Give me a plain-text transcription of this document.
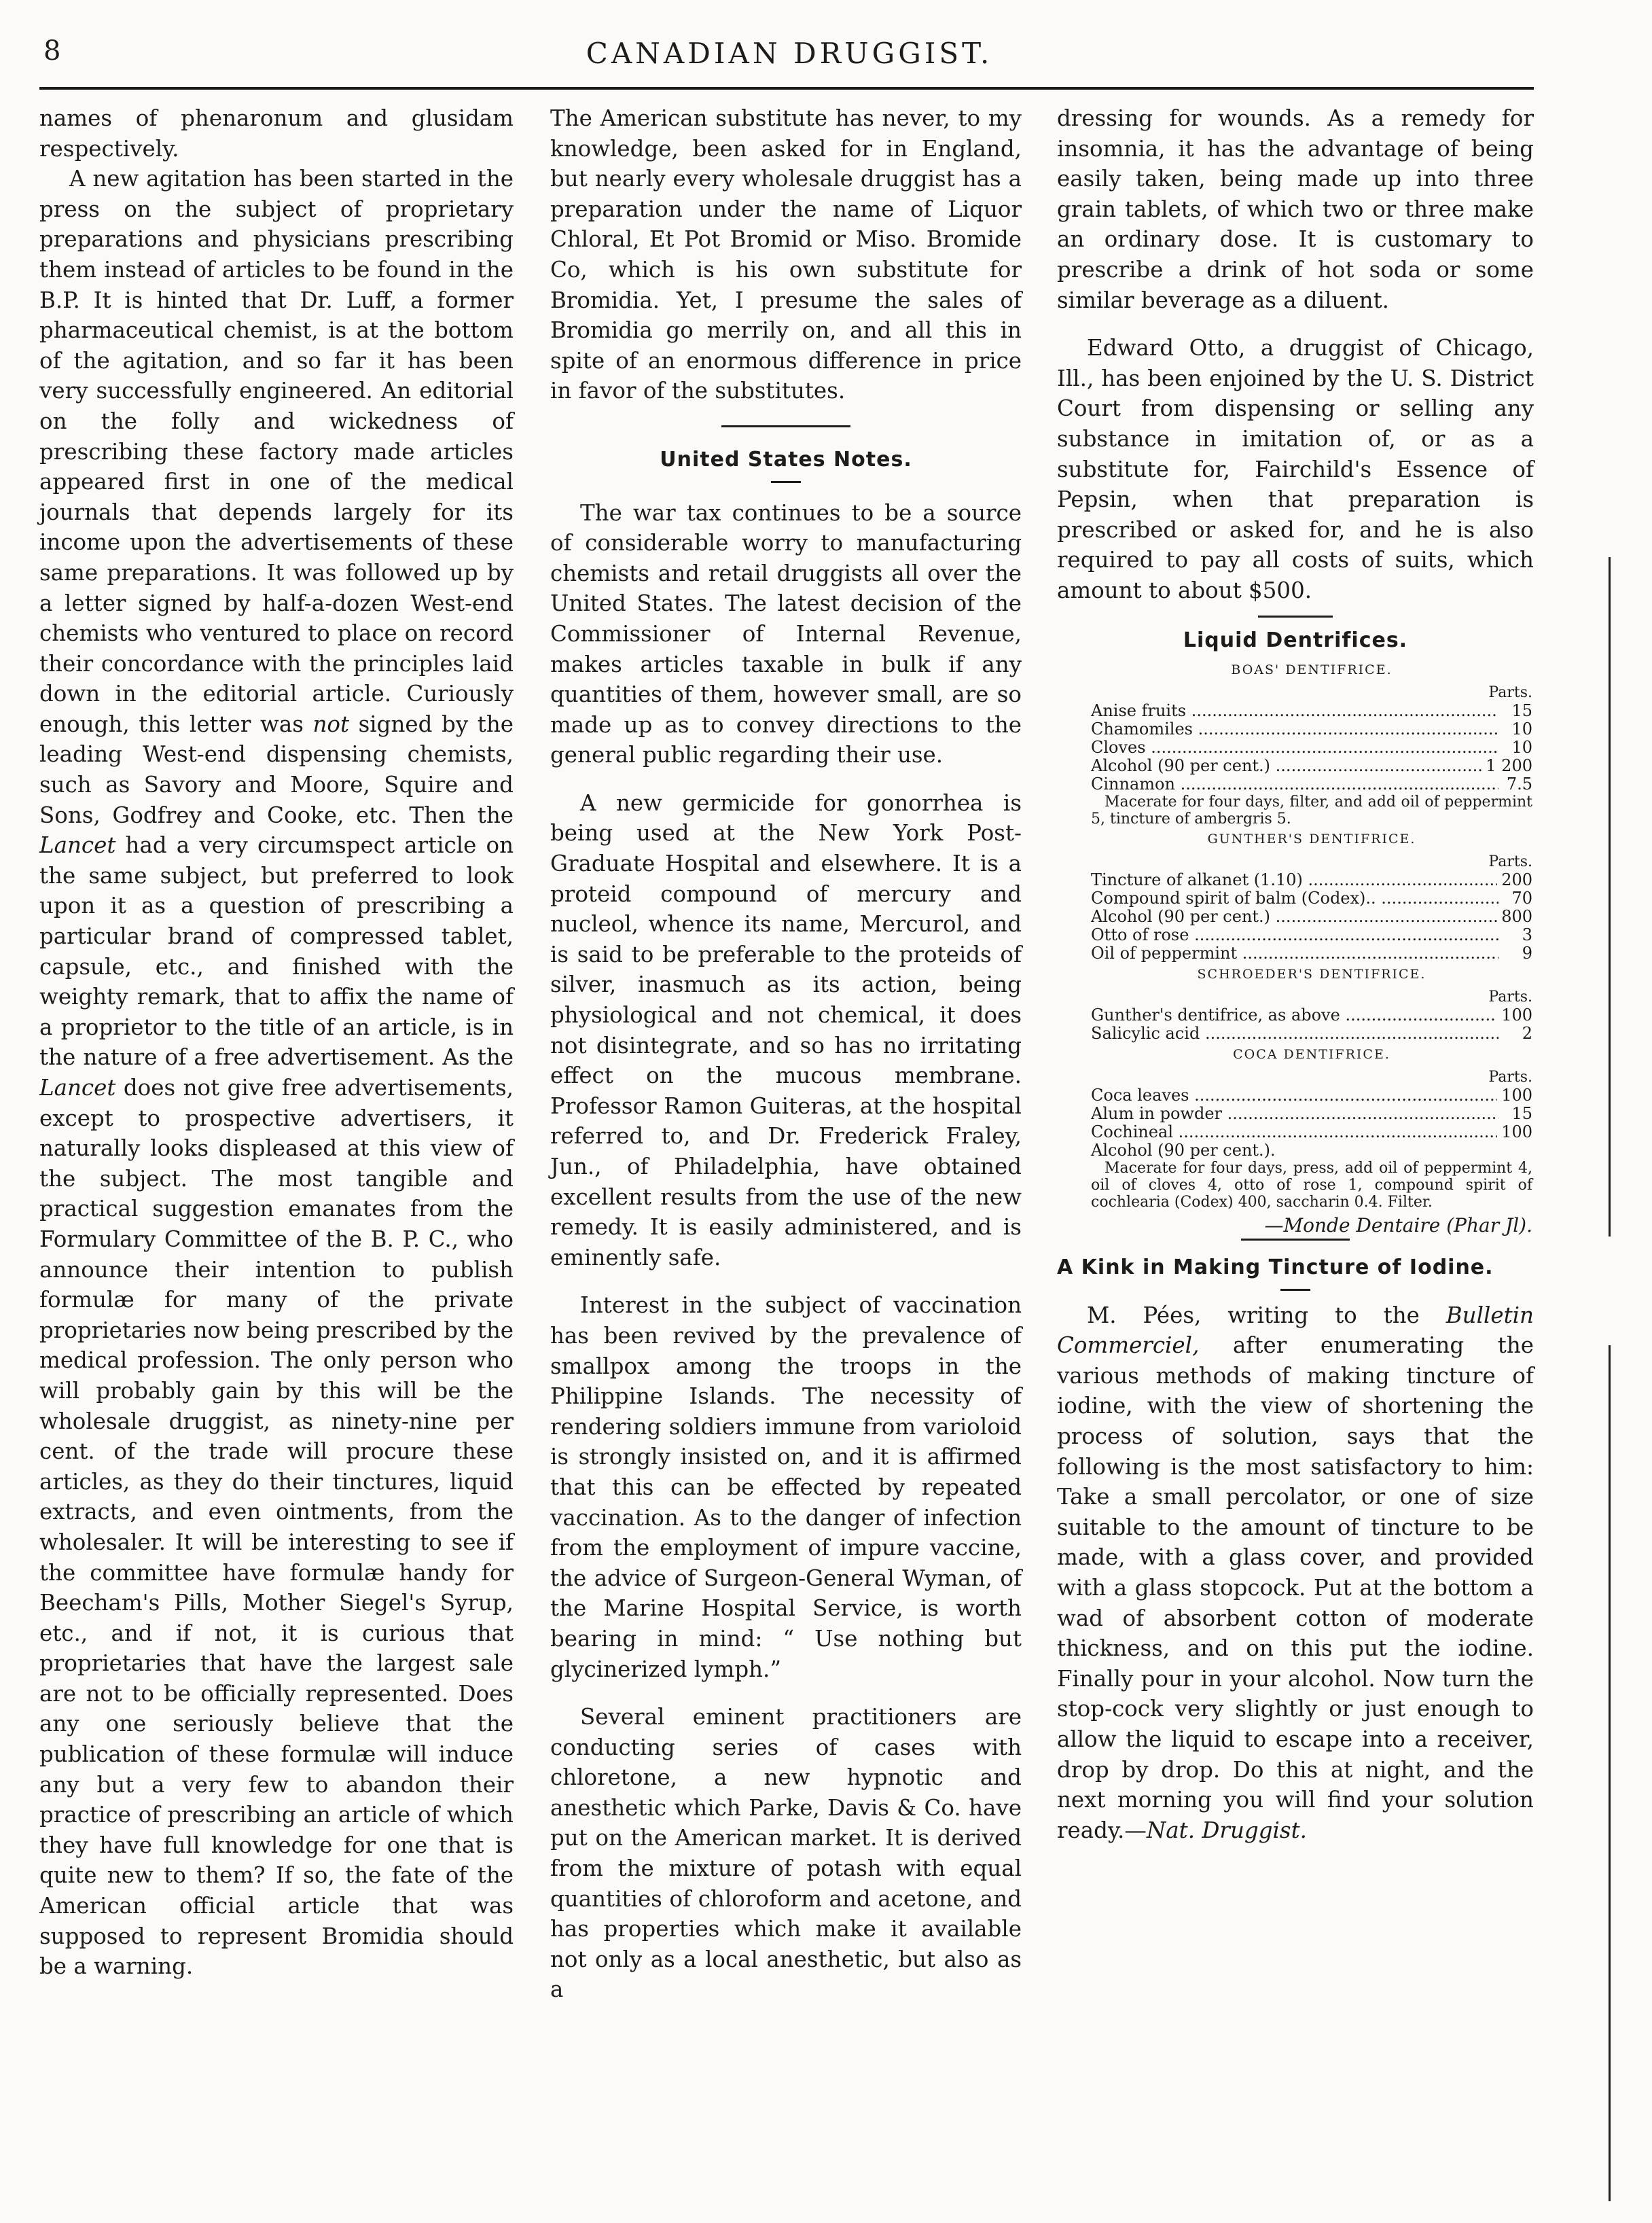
8	CANADIAN DRUGGIST.

names of phenaronum and glusidam respectively.

A new agitation has been started in the press on the subject of proprietary preparations and physicians prescribing them instead of articles to be found in the B.P. It is hinted that Dr. Luff, a former pharmaceutical chemist, is at the bottom of the agitation, and so far it has been very successfully engineered. An editorial on the folly and wickedness of prescribing these factory made articles appeared first in one of the medical journals that depends largely for its income upon the advertisements of these same preparations. It was followed up by a letter signed by half-a-dozen West-end chemists who ventured to place on record their concordance with the principles laid down in the editorial article. Curiously enough, this letter was not signed by the leading West-end dispensing chemists, such as Savory and Moore, Squire and Sons, Godfrey and Cooke, etc. Then the Lancet had a very circumspect article on the same subject, but preferred to look upon it as a question of prescribing a particular brand of compressed tablet, capsule, etc., and finished with the weighty remark, that to affix the name of a proprietor to the title of an article, is in the nature of a free advertisement. As the Lancet does not give free advertisements, except to prospective advertisers, it naturally looks displeased at this view of the subject. The most tangible and practical suggestion emanates from the Formulary Committee of the B. P. C., who announce their intention to publish formulæ for many of the private proprietaries now being prescribed by the medical profession. The only person who will probably gain by this will be the wholesale druggist, as ninety-nine per cent. of the trade will procure these articles, as they do their tinctures, liquid extracts, and even ointments, from the wholesaler. It will be interesting to see if the committee have formulæ handy for Beecham's Pills, Mother Siegel's Syrup, etc., and if not, it is curious that proprietaries that have the largest sale are not to be officially represented. Does any one seriously believe that the publication of these formulæ will induce any but a very few to abandon their practice of prescribing an article of which they have full knowledge for one that is quite new to them? If so, the fate of the American official article that was supposed to represent Bromidia should be a warning.

The American substitute has never, to my knowledge, been asked for in England, but nearly every wholesale druggist has a preparation under the name of Liquor Chloral, Et Pot Bromid or Miso. Bromide Co, which is his own substitute for Bromidia. Yet, I presume the sales of Bromidia go merrily on, and all this in spite of an enormous difference in price in favor of the substitutes.

United States Notes.

The war tax continues to be a source of considerable worry to manufacturing chemists and retail druggists all over the United States. The latest decision of the Commissioner of Internal Revenue, makes articles taxable in bulk if any quantities of them, however small, are so made up as to convey directions to the general public regarding their use.

A new germicide for gonorrhea is being used at the New York Post-Graduate Hospital and elsewhere. It is a proteid compound of mercury and nucleol, whence its name, Mercurol, and is said to be preferable to the proteids of silver, inasmuch as its action, being physiological and not chemical, it does not disintegrate, and so has no irritating effect on the mucous membrane. Professor Ramon Guiteras, at the hospital referred to, and Dr. Frederick Fraley, Jun., of Philadelphia, have obtained excellent results from the use of the new remedy. It is easily administered, and is eminently safe.

Interest in the subject of vaccination has been revived by the prevalence of smallpox among the troops in the Philippine Islands. The necessity of rendering soldiers immune from varioloid is strongly insisted on, and it is affirmed that this can be effected by repeated vaccination. As to the danger of infection from the employment of impure vaccine, the advice of Surgeon-General Wyman, of the Marine Hospital Service, is worth bearing in mind: “ Use nothing but glycinerized lymph.”

Several eminent practitioners are conducting series of cases with chloretone, a new hypnotic and anesthetic which Parke, Davis & Co. have put on the American market. It is derived from the mixture of potash with equal quantities of chloroform and acetone, and has properties which make it available not only as a local anesthetic, but also as a

dressing for wounds. As a remedy for insomnia, it has the advantage of being easily taken, being made up into three grain tablets, of which two or three make an ordinary dose. It is customary to prescribe a drink of hot soda or some similar beverage as a diluent.

Edward Otto, a druggist of Chicago, Ill., has been enjoined by the U. S. District Court from dispensing or selling any substance in imitation of, or as a substitute for, Fairchild's Essence of Pepsin, when that preparation is prescribed or asked for, and he is also required to pay all costs of suits, which amount to about $500.

Liquid Dentrifices.
BOAS' DENTIFRICE.
Parts.
Anise fruits .....	15
Chamomiles .....	10
Cloves .....	10
Alcohol (90 per cent.) .....	1 200
Cinnamon .....	7.5
Macerate for four days, filter, and add oil of peppermint 5, tincture of ambergris 5.
GUNTHER'S DENTIFRICE.
Parts.
Tincture of alkanet (1.10) .....	200
Compound spirit of balm (Codex).. .....	70
Alcohol (90 per cent.) .....	800
Otto of rose .....	3
Oil of peppermint .....	9
SCHROEDER'S DENTIFRICE.
Parts.
Gunther's dentifrice, as above .....	100
Salicylic acid .....	2
COCA DENTIFRICE.
Parts.
Coca leaves .....	100
Alum in powder .....	15
Cochineal .....	100
Alcohol (90 per cent.).
Macerate for four days, press, add oil of peppermint 4, oil of cloves 4, otto of rose 1, compound spirit of cochlearia (Codex) 400, saccharin 0.4. Filter.
—Monde Dentaire (Phar Jl).
A Kink in Making Tincture of Iodine.

M. Pées, writing to the Bulletin Commerciel, after enumerating the various methods of making tincture of iodine, with the view of shortening the process of solution, says that the following is the most satisfactory to him: Take a small percolator, or one of size suitable to the amount of tincture to be made, with a glass cover, and provided with a glass stopcock. Put at the bottom a wad of absorbent cotton of moderate thickness, and on this put the iodine. Finally pour in your alcohol. Now turn the stop-cock very slightly or just enough to allow the liquid to escape into a receiver, drop by drop. Do this at night, and the next morning you will find your solution ready.—Nat. Druggist.
